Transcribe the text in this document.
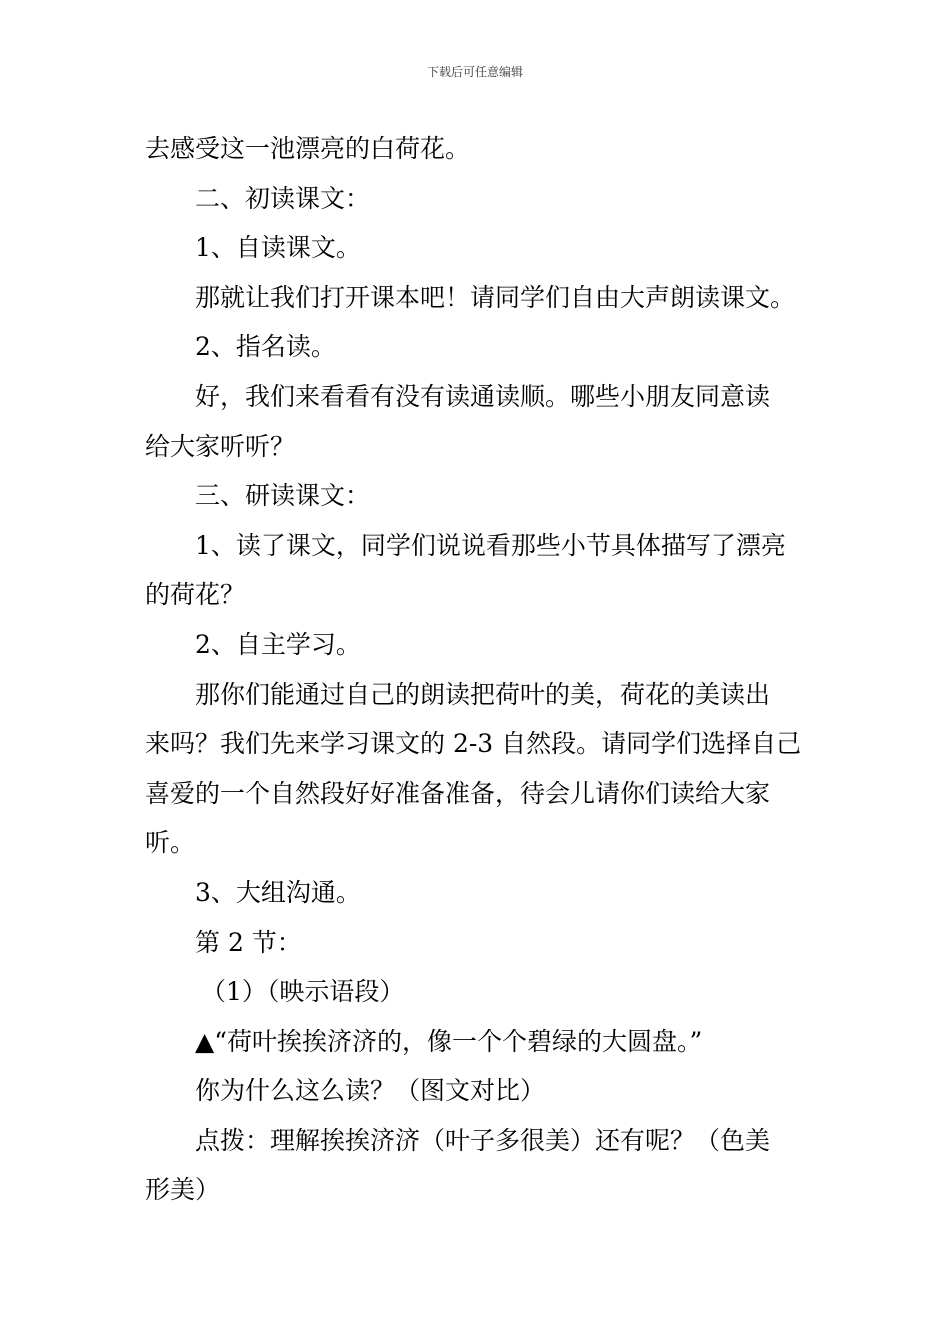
下载后可任意编辑
去感受这一池漂亮的白荷花。
二、初读课文：
1、自读课文。
那就让我们打开课本吧！请同学们自由大声朗读课文。
2、指名读。
好，我们来看看有没有读通读顺。哪些小朋友同意读
给大家听听？
三、研读课文：
1、读了课文，同学们说说看那些小节具体描写了漂亮
的荷花？
2、自主学习。
那你们能通过自己的朗读把荷叶的美，荷花的美读出
来吗？我们先来学习课文的 2-3 自然段。请同学们选择自己
喜爱的一个自然段好好准备准备，待会儿请你们读给大家
听。
3、大组沟通。
第 2 节：
（1）（映示语段）
▲“荷叶挨挨济济的，像一个个碧绿的大圆盘。”
你为什么这么读？（图文对比）
点拨：理解挨挨济济（叶子多很美）还有呢？（色美
形美）
